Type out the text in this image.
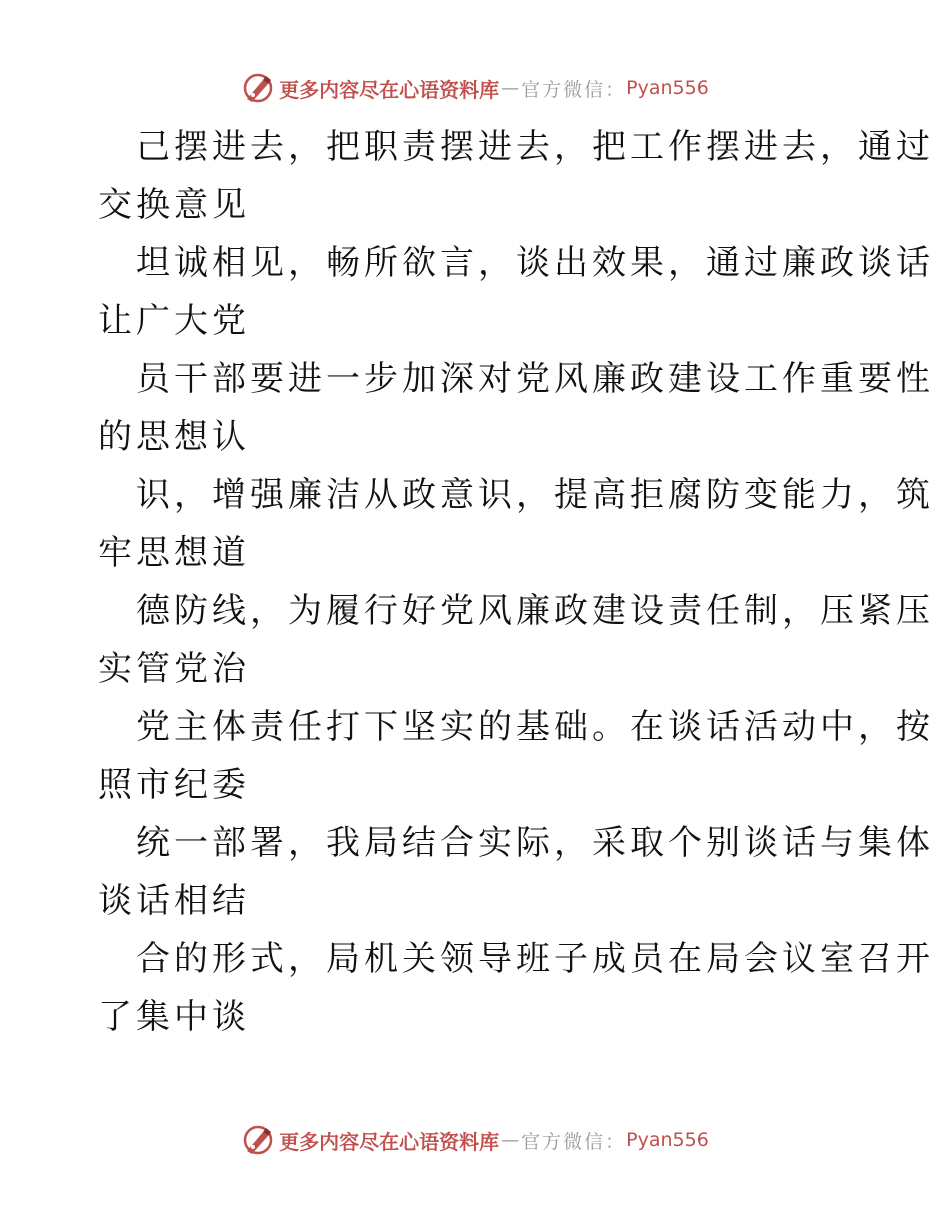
更多内容尽在心语资料库 — 官方微信： Pyan556
己摆进去，把职责摆进去，把工作摆进去，通过
交换意见
坦诚相见，畅所欲言，谈出效果，通过廉政谈话
让广大党
员干部要进一步加深对党风廉政建设工作重要性
的思想认
识，增强廉洁从政意识，提高拒腐防变能力，筑
牢思想道
德防线，为履行好党风廉政建设责任制，压紧压
实管党治
党主体责任打下坚实的基础。在谈话活动中，按
照市纪委
统一部署，我局结合实际，采取个别谈话与集体
谈话相结
合的形式，局机关领导班子成员在局会议室召开
了集中谈
更多内容尽在心语资料库 — 官方微信： Pyan556
